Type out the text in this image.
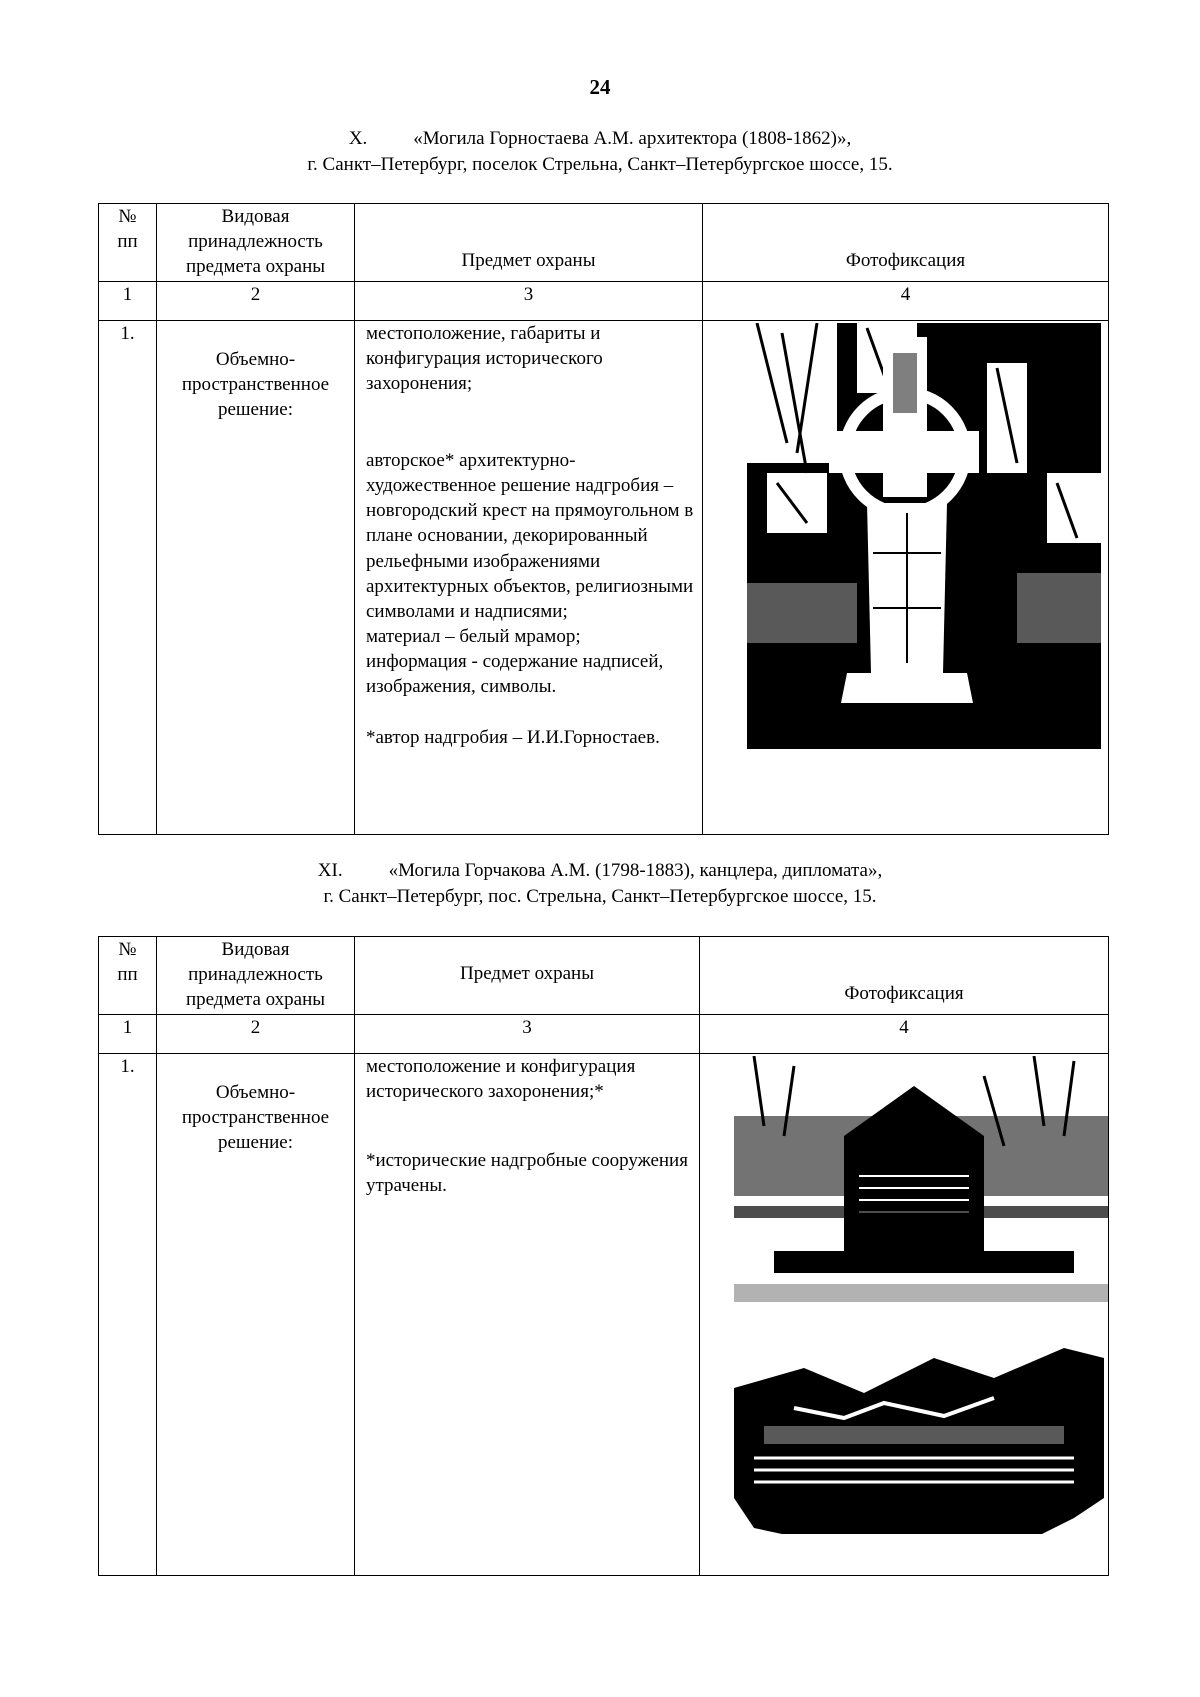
24
X. «Могила Горностаева А.М. архитектора (1808-1862)»,
г. Санкт–Петербург, поселок Стрельна, Санкт–Петербургское шоссе, 15.
№
пп	Видовая принадлежность предмета охраны	Предмет охраны	Фотофиксация
1	2	3	4
1.	Объемно-пространственное решение:	местоположение, габариты и конфигурация исторического захоронения;
авторское* архитектурно-художественное решение надгробия – новгородский крест на прямоугольном в плане основании, декорированный рельефными изображениями архитектурных объектов, религиозными символами и надписями;
материал – белый мрамор;
информация - содержание надписей, изображения, символы.
*автор надгробия – И.И.Горностаев.

XI. «Могила Горчакова А.М. (1798-1883), канцлера, дипломата»,
г. Санкт–Петербург, пос. Стрельна, Санкт–Петербургское шоссе, 15.
№
пп	Видовая принадлежность предмета охраны	Предмет охраны	Фотофиксация
1	2	3	4
1.	Объемно-пространственное решение:	местоположение и конфигурация исторического захоронения;*
*исторические надгробные сооружения утрачены.
